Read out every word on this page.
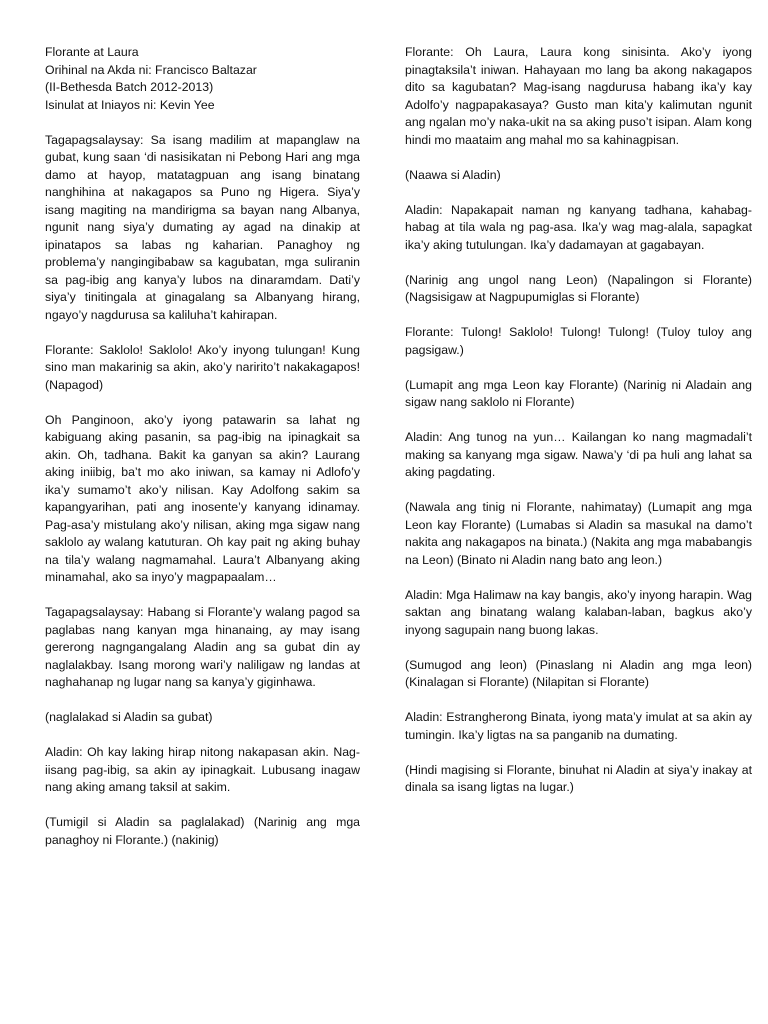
Florante at Laura
Orihinal na Akda ni: Francisco Baltazar
(II-Bethesda Batch 2012-2013)
Isinulat at Iniayos ni: Kevin Yee

Tagapagsalaysay: Sa isang madilim at mapanglaw na gubat, kung saan ‘di nasisikatan ni Pebong Hari ang mga damo at hayop, matatagpuan ang isang binatang nanghihina at nakagapos sa Puno ng Higera. Siya’y isang magiting na mandirigma sa bayan nang Albanya, ngunit nang siya’y dumating ay agad na dinakip at ipinatapos sa labas ng kaharian. Panaghoy ng problema’y nangingibabaw sa kagubatan, mga suliranin sa pag-ibig ang kanya’y lubos na dinaramdam. Dati’y siya’y tinitingala at ginagalang sa Albanyang hirang, ngayo’y nagdurusa sa kaliluha’t kahirapan.

Florante: Saklolo! Saklolo! Ako’y inyong tulungan! Kung sino man makarinig sa akin, ako’y naririto’t nakakagapos! (Napagod)

Oh Panginoon, ako’y iyong patawarin sa lahat ng kabiguang aking pasanin, sa pag-ibig na ipinagkait sa akin. Oh, tadhana. Bakit ka ganyan sa akin? Laurang aking iniibig, ba’t mo ako iniwan, sa kamay ni Adlofo’y ika’y sumamo’t ako’y nilisan. Kay Adolfong sakim sa kapangyarihan, pati ang inosente’y kanyang idinamay. Pag-asa’y mistulang ako’y nilisan, aking mga sigaw nang saklolo ay walang katuturan. Oh kay pait ng aking buhay na tila’y walang nagmamahal. Laura’t Albanyang aking minamahal, ako sa inyo’y magpapaalam…

Tagapagsalaysay: Habang si Florante’y walang pagod sa paglabas nang kanyan mga hinanaing, ay may isang gererong nagngangalang Aladin ang sa gubat din ay naglalakbay. Isang morong wari’y naliligaw ng landas at naghahanap ng lugar nang sa kanya’y giginhawa.

(naglalakad si Aladin sa gubat)

Aladin: Oh kay laking hirap nitong nakapasan akin. Nag-iisang pag-ibig, sa akin ay ipinagkait. Lubusang inagaw nang aking amang taksil at sakim.

(Tumigil si Aladin sa paglalakad) (Narinig ang mga panaghoy ni Florante.) (nakinig)

Florante: Oh Laura, Laura kong sinisinta. Ako’y iyong pinagtaksila’t iniwan. Hahayaan mo lang ba akong nakagapos dito sa kagubatan? Mag-isang nagdurusa habang ika’y kay Adolfo’y nagpapakasaya? Gusto man kita’y kalimutan ngunit ang ngalan mo’y naka-ukit na sa aking puso’t isipan. Alam kong hindi mo maataim ang mahal mo sa kahinagpisan.

(Naawa si Aladin)

Aladin: Napakapait naman ng kanyang tadhana, kahabag-habag at tila wala ng pag-asa. Ika’y wag mag-alala, sapagkat ika’y aking tutulungan. Ika’y dadamayan at gagabayan.

(Narinig ang ungol nang Leon) (Napalingon si Florante) (Nagsisigaw at Nagpupumiglas si Florante)

Florante: Tulong! Saklolo! Tulong! Tulong! (Tuloy tuloy ang pagsigaw.)

(Lumapit ang mga Leon kay Florante) (Narinig ni Aladain ang sigaw nang saklolo ni Florante)

Aladin: Ang tunog na yun… Kailangan ko nang magmadali’t making sa kanyang mga sigaw. Nawa’y ‘di pa huli ang lahat sa aking pagdating.

(Nawala ang tinig ni Florante, nahimatay) (Lumapit ang mga Leon kay Florante) (Lumabas si Aladin sa masukal na damo’t nakita ang nakagapos na binata.) (Nakita ang mga mababangis na Leon) (Binato ni Aladin nang bato ang leon.)

Aladin: Mga Halimaw na kay bangis, ako’y inyong harapin. Wag saktan ang binatang walang kalaban-laban, bagkus ako’y inyong sagupain nang buong lakas.

(Sumugod ang leon) (Pinaslang ni Aladin ang mga leon) (Kinalagan si Florante) (Nilapitan si Florante)

Aladin: Estrangherong Binata, iyong mata’y imulat at sa akin ay tumingin. Ika’y ligtas na sa panganib na dumating.

(Hindi magising si Florante, binuhat ni Aladin at siya’y inakay at dinala sa isang ligtas na lugar.)
